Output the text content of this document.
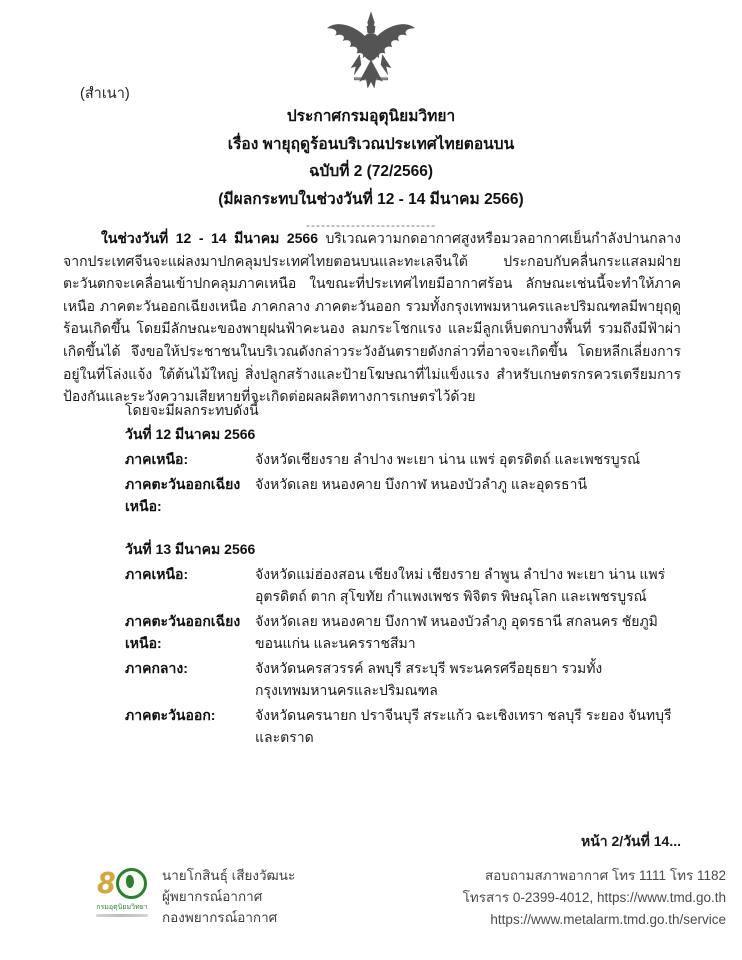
(สำเนา)
ประกาศกรมอุตุนิยมวิทยา
เรื่อง พายุฤดูร้อนบริเวณประเทศไทยตอนบน
ฉบับที่ 2 (72/2566)
(มีผลกระทบในช่วงวันที่ 12 - 14 มีนาคม 2566)
--------------------------

ในช่วงวันที่ 12 - 14 มีนาคม 2566 บริเวณความกดอากาศสูงหรือมวลอากาศเย็นกำลังปานกลางจากประเทศจีนจะแผ่ลงมาปกคลุมประเทศไทยตอนบนและทะเลจีนใต้ ประกอบกับคลื่นกระแสลมฝ่ายตะวันตกจะเคลื่อนเข้าปกคลุมภาคเหนือ ในขณะที่ประเทศไทยมีอากาศร้อน ลักษณะเช่นนี้จะทำให้ภาคเหนือ ภาคตะวันออกเฉียงเหนือ ภาคกลาง ภาคตะวันออก รวมทั้งกรุงเทพมหานครและปริมณฑลมีพายุฤดูร้อนเกิดขึ้น โดยมีลักษณะของพายุฝนฟ้าคะนอง ลมกระโชกแรง และมีลูกเห็บตกบางพื้นที่ รวมถึงมีฟ้าผ่าเกิดขึ้นได้ จึงขอให้ประชาชนในบริเวณดังกล่าวระวังอันตรายดังกล่าวที่อาจจะเกิดขึ้น โดยหลีกเลี่ยงการอยู่ในที่โล่งแจ้ง ใต้ต้นไม้ใหญ่ สิ่งปลูกสร้างและป้ายโฆษณาที่ไม่แข็งแรง สำหรับเกษตรกรควรเตรียมการป้องกันและระวังความเสียหายที่จะเกิดต่อผลผลิตทางการเกษตรไว้ด้วย

โดยจะมีผลกระทบดังนี้
วันที่ 12 มีนาคม 2566
ภาคเหนือ:	จังหวัดเชียงราย ลำปาง พะเยา น่าน แพร่ อุตรดิตถ์ และเพชรบูรณ์
ภาคตะวันออกเฉียงเหนือ:
จังหวัดเลย หนองคาย บึงกาฬ หนองบัวลำภู และอุดรธานี
วันที่ 13 มีนาคม 2566
ภาคเหนือ:	จังหวัดแม่ฮ่องสอน เชียงใหม่ เชียงราย ลำพูน ลำปาง พะเยา น่าน แพร่ อุตรดิตถ์ ตาก สุโขทัย กำแพงเพชร พิจิตร พิษณุโลก และเพชรบูรณ์
ภาคตะวันออกเฉียงเหนือ:
จังหวัดเลย หนองคาย บึงกาฬ หนองบัวลำภู อุดรธานี สกลนคร ชัยภูมิ ขอนแก่น และนครราชสีมา
ภาคกลาง:	จังหวัดนครสวรรค์ ลพบุรี สระบุรี พระนครศรีอยุธยา รวมทั้งกรุงเทพมหานครและปริมณฑล
ภาคตะวันออก:	จังหวัดนครนายก ปราจีนบุรี สระแก้ว ฉะเชิงเทรา ชลบุรี ระยอง จันทบุรี และตราด
หน้า 2/วันที่ 14...
8
กรมอุตุนิยมวิทยา
นายโกสินธุ์ เสียงวัฒนะ
ผู้พยากรณ์อากาศ
กองพยากรณ์อากาศ
สอบถามสภาพอากาศ โทร 1111 โทร 1182
โทรสาร 0-2399-4012, https://www.tmd.go.th
https://www.metalarm.tmd.go.th/service
